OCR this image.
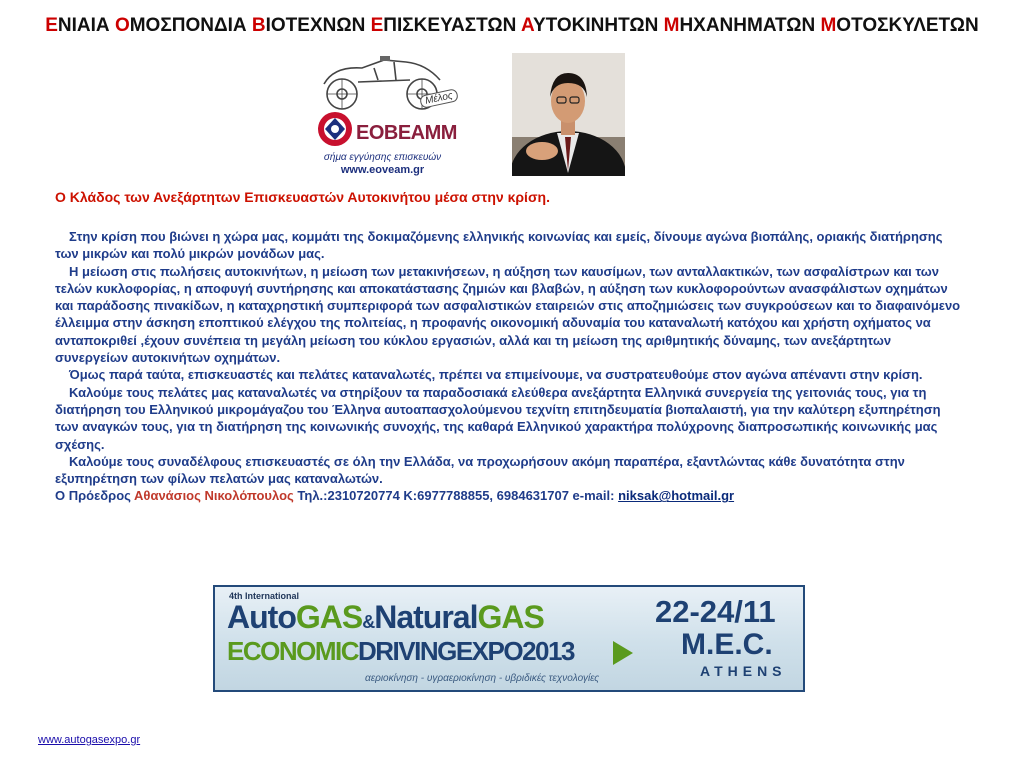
ΕΝΙΑΙΑ ΟΜΟΣΠΟΝΔΙΑ ΒΙΟΤΕΧΝΩΝ ΕΠΙΣΚΕΥΑΣΤΩΝ ΑΥΤΟΚΙΝΗΤΩΝ ΜΗΧΑΝΗΜΑΤΩΝ ΜΟΤΟΣΚΥΛΕΤΩΝ
ΕΟΒΕΑΜΜ
Μέλος
σήμα εγγύησης επισκευών
www.eoveam.gr
Ο Κλάδος των Ανεξάρτητων Επισκευαστών Αυτοκινήτου μέσα στην κρίση.

Στην κρίση που βιώνει η χώρα μας, κομμάτι της δοκιμαζόμενης ελληνικής κοινωνίας και εμείς, δίνουμε αγώνα βιοπάλης, οριακής διατήρησης των μικρών και πολύ μικρών μονάδων μας.

Η μείωση στις πωλήσεις αυτοκινήτων, η μείωση των μετακινήσεων, η αύξηση των καυσίμων, των ανταλλακτικών, των ασφαλίστρων και των τελών κυκλοφορίας, η αποφυγή συντήρησης και αποκατάστασης ζημιών και βλαβών, η αύξηση των κυκλοφορούντων ανασφάλιστων οχημάτων και παράδοσης πινακίδων, η καταχρηστική συμπεριφορά των ασφαλιστικών εταιρειών στις αποζημιώσεις των συγκρούσεων και το διαφαινόμενο έλλειμμα στην άσκηση εποπτικού ελέγχου της πολιτείας, η προφανής οικονομική αδυναμία του καταναλωτή κατόχου και χρήστη οχήματος να ανταποκριθεί ,έχουν συνέπεια τη μεγάλη μείωση του κύκλου εργασιών, αλλά και τη μείωση της αριθμητικής δύναμης, των ανεξάρτητων συνεργείων αυτοκινήτων οχημάτων.

Όμως παρά ταύτα, επισκευαστές και πελάτες καταναλωτές, πρέπει να επιμείνουμε, να συστρατευθούμε στον αγώνα απέναντι στην κρίση.

Καλούμε τους πελάτες μας καταναλωτές να στηρίξουν τα παραδοσιακά ελεύθερα ανεξάρτητα Ελληνικά συνεργεία της γειτονιάς τους, για τη διατήρηση του Ελληνικού μικρομάγαζου του Έλληνα αυτοαπασχολούμενου τεχνίτη επιτηδευματία βιοπαλαιστή, για την καλύτερη εξυπηρέτηση των αναγκών τους, για τη διατήρηση της κοινωνικής συνοχής, της καθαρά Ελληνικού χαρακτήρα πολύχρονης διαπροσωπικής κοινωνικής μας σχέσης.

Καλούμε τους συναδέλφους επισκευαστές σε όλη την Ελλάδα, να προχωρήσουν ακόμη παραπέρα, εξαντλώντας κάθε δυνατότητα στην εξυπηρέτηση των φίλων πελατών μας καταναλωτών.

Ο Πρόεδρος Αθανάσιος Νικολόπουλος Τηλ.:2310720774 Κ:6977788855, 6984631707 e-mail: niksak@hotmail.gr

4th International
AutoGAS&NaturalGAS
ECONOMICDRIVINGEXPO2013
αεριοκίνηση - υγραεριοκίνηση - υβριδικές τεχνολογίες
22-24/11
M.E.C.
ATHENS
www.autogasexpo.gr
